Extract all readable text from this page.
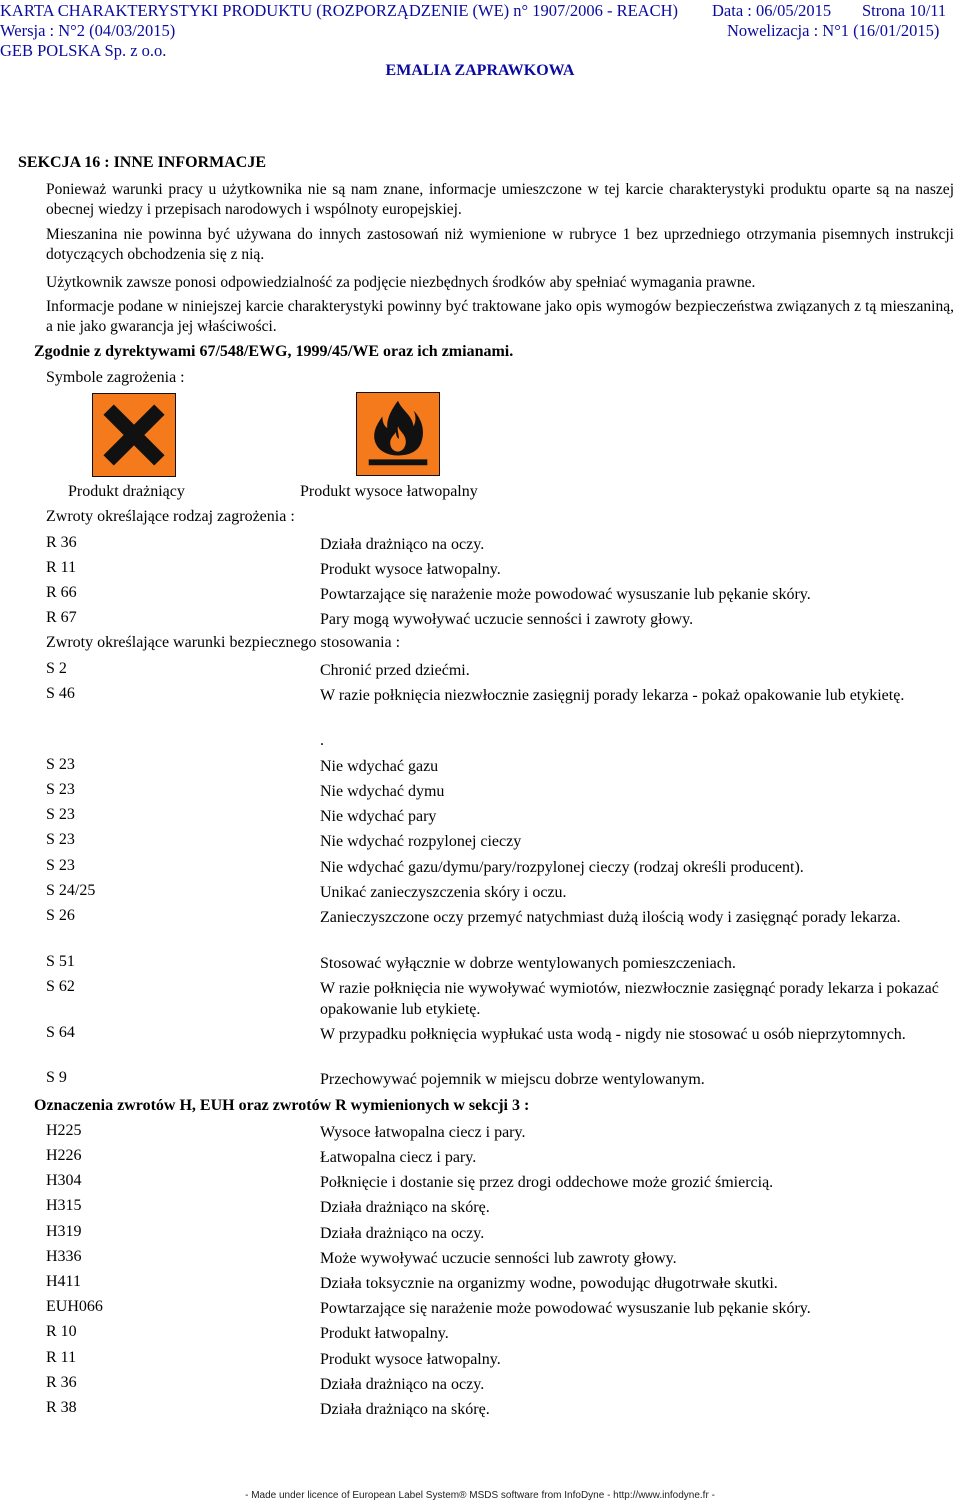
KARTA CHARAKTERYSTYKI PRODUKTU (ROZPORZĄDZENIE (WE) n° 1907/2006 - REACH) Data : 06/05/2015 Strona 10/11
Wersja : N°2 (04/03/2015)	Nowelizacja : N°1 (16/01/2015)
GEB POLSKA Sp. z o.o.
EMALIA ZAPRAWKOWA
SEKCJA 16 : INNE INFORMACJE
Ponieważ warunki pracy u użytkownika nie są nam znane, informacje umieszczone w tej karcie charakterystyki produktu oparte są na naszej obecnej wiedzy i przepisach narodowych i wspólnoty europejskiej.
Mieszanina nie powinna być używana do innych zastosowań niż wymienione w rubryce 1 bez uprzedniego otrzymania pisemnych instrukcji dotyczących obchodzenia się z nią.
Użytkownik zawsze ponosi odpowiedzialność za podjęcie niezbędnych środków aby spełniać wymagania prawne.
Informacje podane w niniejszej karcie charakterystyki powinny być traktowane jako opis wymogów bezpieczeństwa związanych z tą mieszaniną, a nie jako gwarancja jej właściwości.
Zgodnie z dyrektywami 67/548/EWG, 1999/45/WE oraz ich zmianami.
Symbole zagrożenia :
Produkt drażniący	Produkt wysoce łatwopalny
Zwroty określające rodzaj zagrożenia :
R 36	Działa drażniąco na oczy.
R 11	Produkt wysoce łatwopalny.
R 66	Powtarzające się narażenie może powodować wysuszanie lub pękanie skóry.
R 67	Pary mogą wywoływać uczucie senności i zawroty głowy.
Zwroty określające warunki bezpiecznego stosowania :
S 2	Chronić przed dziećmi.
S 46	W razie połknięcia niezwłocznie zasięgnij porady lekarza - pokaż opakowanie lub etykietę.
.
S 23	Nie wdychać gazu
S 23	Nie wdychać dymu
S 23	Nie wdychać pary
S 23	Nie wdychać rozpylonej cieczy
S 23	Nie wdychać gazu/dymu/pary/rozpylonej cieczy (rodzaj określi producent).
S 24/25	Unikać zanieczyszczenia skóry i oczu.
S 26	Zanieczyszczone oczy przemyć natychmiast dużą ilością wody i zasięgnąć porady lekarza.
S 51	Stosować wyłącznie w dobrze wentylowanych pomieszczeniach.
S 62	W razie połknięcia nie wywoływać wymiotów, niezwłocznie zasięgnąć porady lekarza i pokazać opakowanie lub etykietę.
S 64	W przypadku połknięcia wypłukać usta wodą - nigdy nie stosować u osób nieprzytomnych.
S 9	Przechowywać pojemnik w miejscu dobrze wentylowanym.
Oznaczenia zwrotów H, EUH oraz zwrotów R wymienionych w sekcji 3 :
H225	Wysoce łatwopalna ciecz i pary.
H226	Łatwopalna ciecz i pary.
H304	Połknięcie i dostanie się przez drogi oddechowe może grozić śmiercią.
H315	Działa drażniąco na skórę.
H319	Działa drażniąco na oczy.
H336	Może wywoływać uczucie senności lub zawroty głowy.
H411	Działa toksycznie na organizmy wodne, powodując długotrwałe skutki.
EUH066	Powtarzające się narażenie może powodować wysuszanie lub pękanie skóry.
R 10	Produkt łatwopalny.
R 11	Produkt wysoce łatwopalny.
R 36	Działa drażniąco na oczy.
R 38	Działa drażniąco na skórę.
- Made under licence of European Label System® MSDS software from InfoDyne - http://www.infodyne.fr -
